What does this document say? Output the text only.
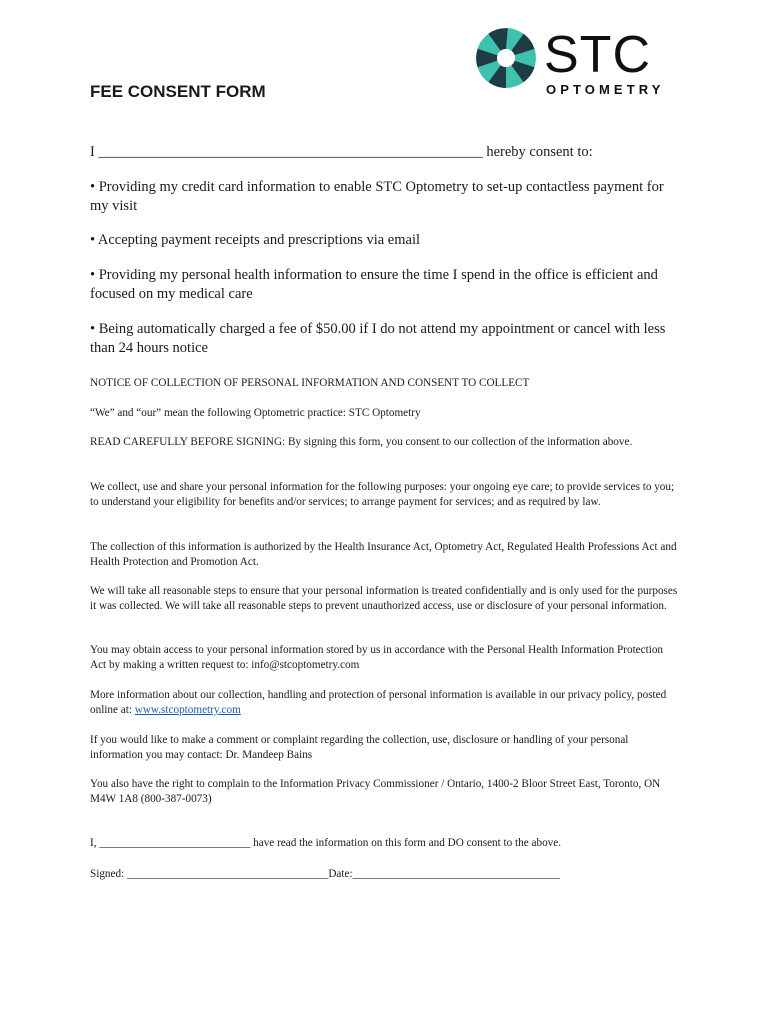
STC
OPTOMETRY
FEE CONSENT FORM

I _____________________________________________________ hereby consent to:

• Providing my credit card information to enable STC Optometry to set-up contactless payment for my visit

• Accepting payment receipts and prescriptions via email

• Providing my personal health information to ensure the time I spend in the office is efficient and focused on my medical care

• Being automatically charged a fee of $50.00 if I do not attend my appointment or cancel with less than 24 hours notice

NOTICE OF COLLECTION OF PERSONAL INFORMATION AND CONSENT TO COLLECT

“We” and “our” mean the following Optometric practice: STC Optometry

READ CAREFULLY BEFORE SIGNING: By signing this form, you consent to our collection of the information above.

We collect, use and share your personal information for the following purposes: your ongoing eye care; to provide services to you; to understand your eligibility for benefits and/or services; to arrange payment for services; and as required by law.

The collection of this information is authorized by the Health Insurance Act, Optometry Act, Regulated Health Professions Act and Health Protection and Promotion Act.

We will take all reasonable steps to ensure that your personal information is treated confidentially and is only used for the purposes it was collected. We will take all reasonable steps to prevent unauthorized access, use or disclosure of your personal information.

You may obtain access to your personal information stored by us in accordance with the Personal Health Information Protection Act by making a written request to: info@stcoptometry.com

More information about our collection, handling and protection of personal information is available in our privacy policy, posted online at: www.stcoptometry.com

If you would like to make a comment or complaint regarding the collection, use, disclosure or handling of your personal information you may contact: Dr. Mandeep Bains

You also have the right to complain to the Information Privacy Commissioner / Ontario, 1400-2 Bloor Street East, Toronto, ON M4W 1A8 (800-387-0073)

I, ___________________________ have read the information on this form and DO consent to the above.

Signed: ____________________________________Date:_____________________________________
